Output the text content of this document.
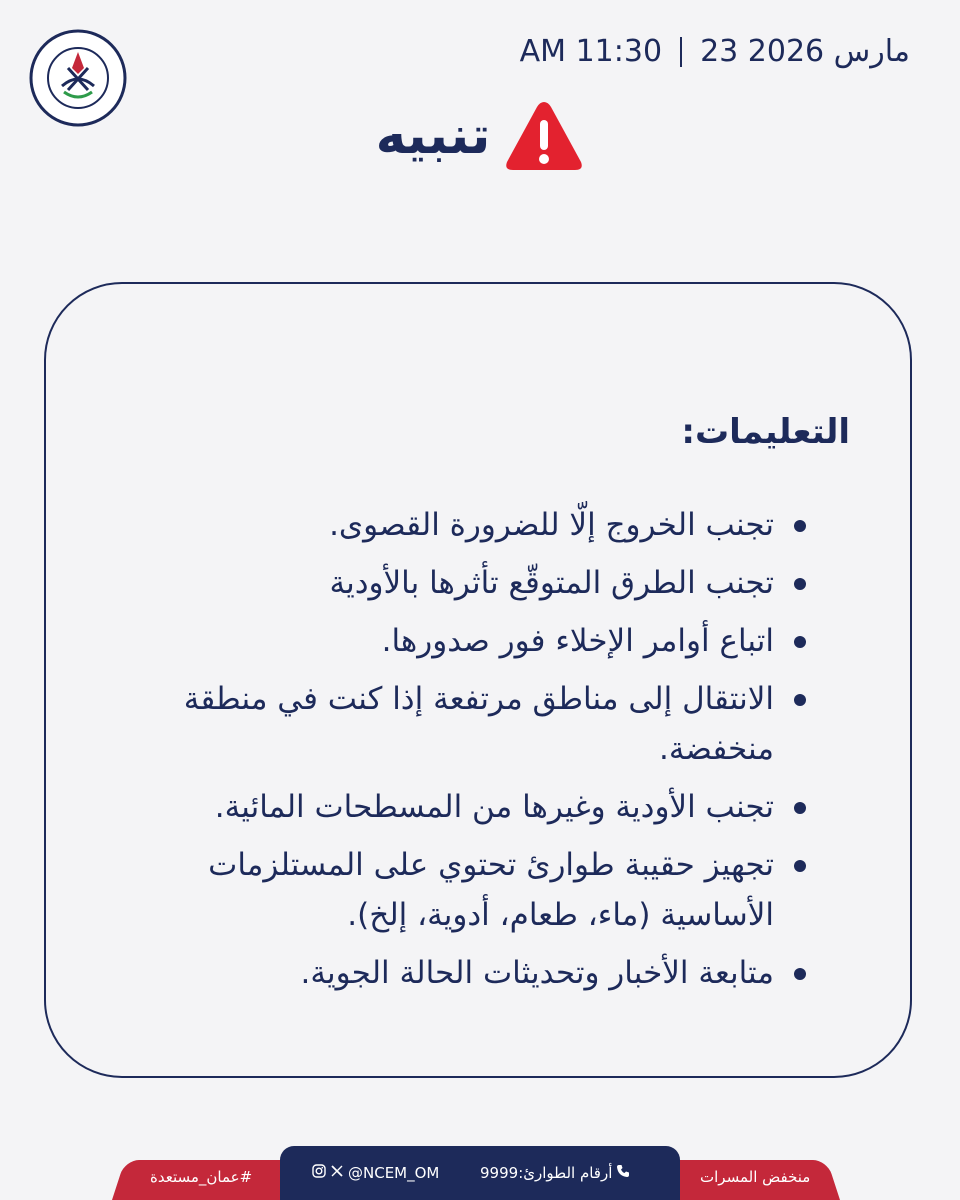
AM 11:30 23 مارس 2026
تنبيه
التعليمات:
تجنب الخروج إلّا للضرورة القصوى.
تجنب الطرق المتوقّع تأثرها بالأودية
اتباع أوامر الإخلاء فور صدورها.
الانتقال إلى مناطق مرتفعة إذا كنت في منطقة منخفضة.
تجنب الأودية وغيرها من المسطحات المائية.
تجهيز حقيبة طوارئ تحتوي على المستلزمات الأساسية (ماء، طعام، أدوية، إلخ).
متابعة الأخبار وتحديثات الحالة الجوية.
#عمان_مستعدة	@NCEM_OM	أرقام الطوارئ:9999	منخفض المسرات
